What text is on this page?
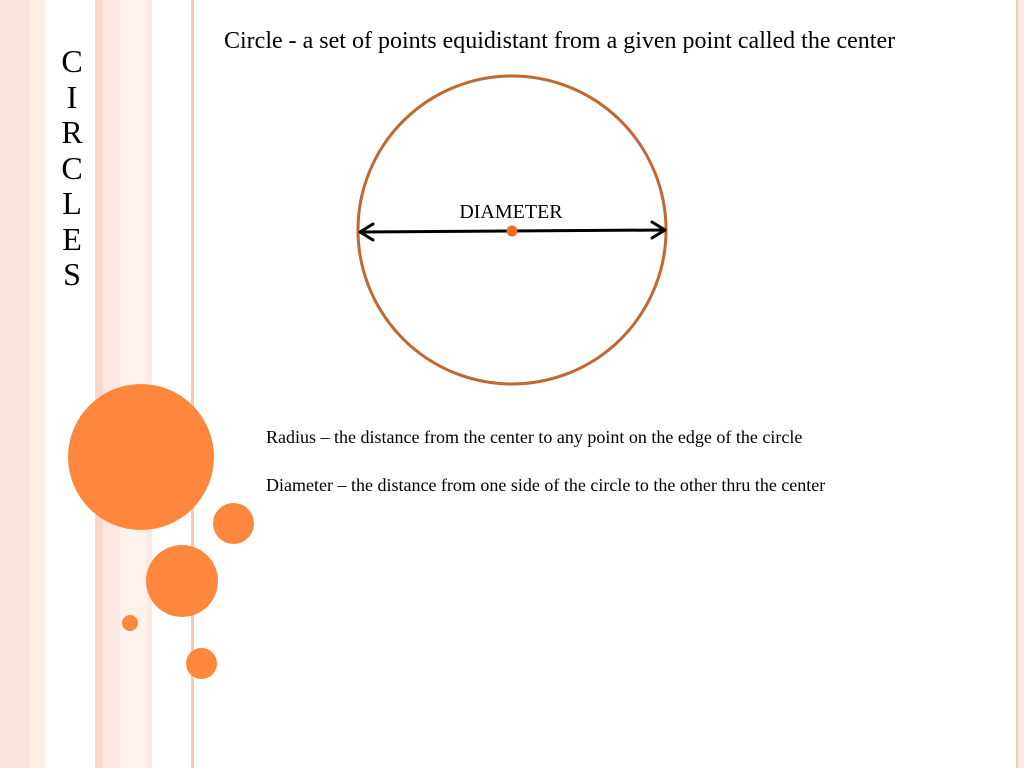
C
I
R
C
L
E
S
Circle - a set of points equidistant from a given point called the center
DIAMETER
Radius – the distance from the center to any point on the edge of the circle
Diameter – the distance from one side of the circle to the other thru the center
